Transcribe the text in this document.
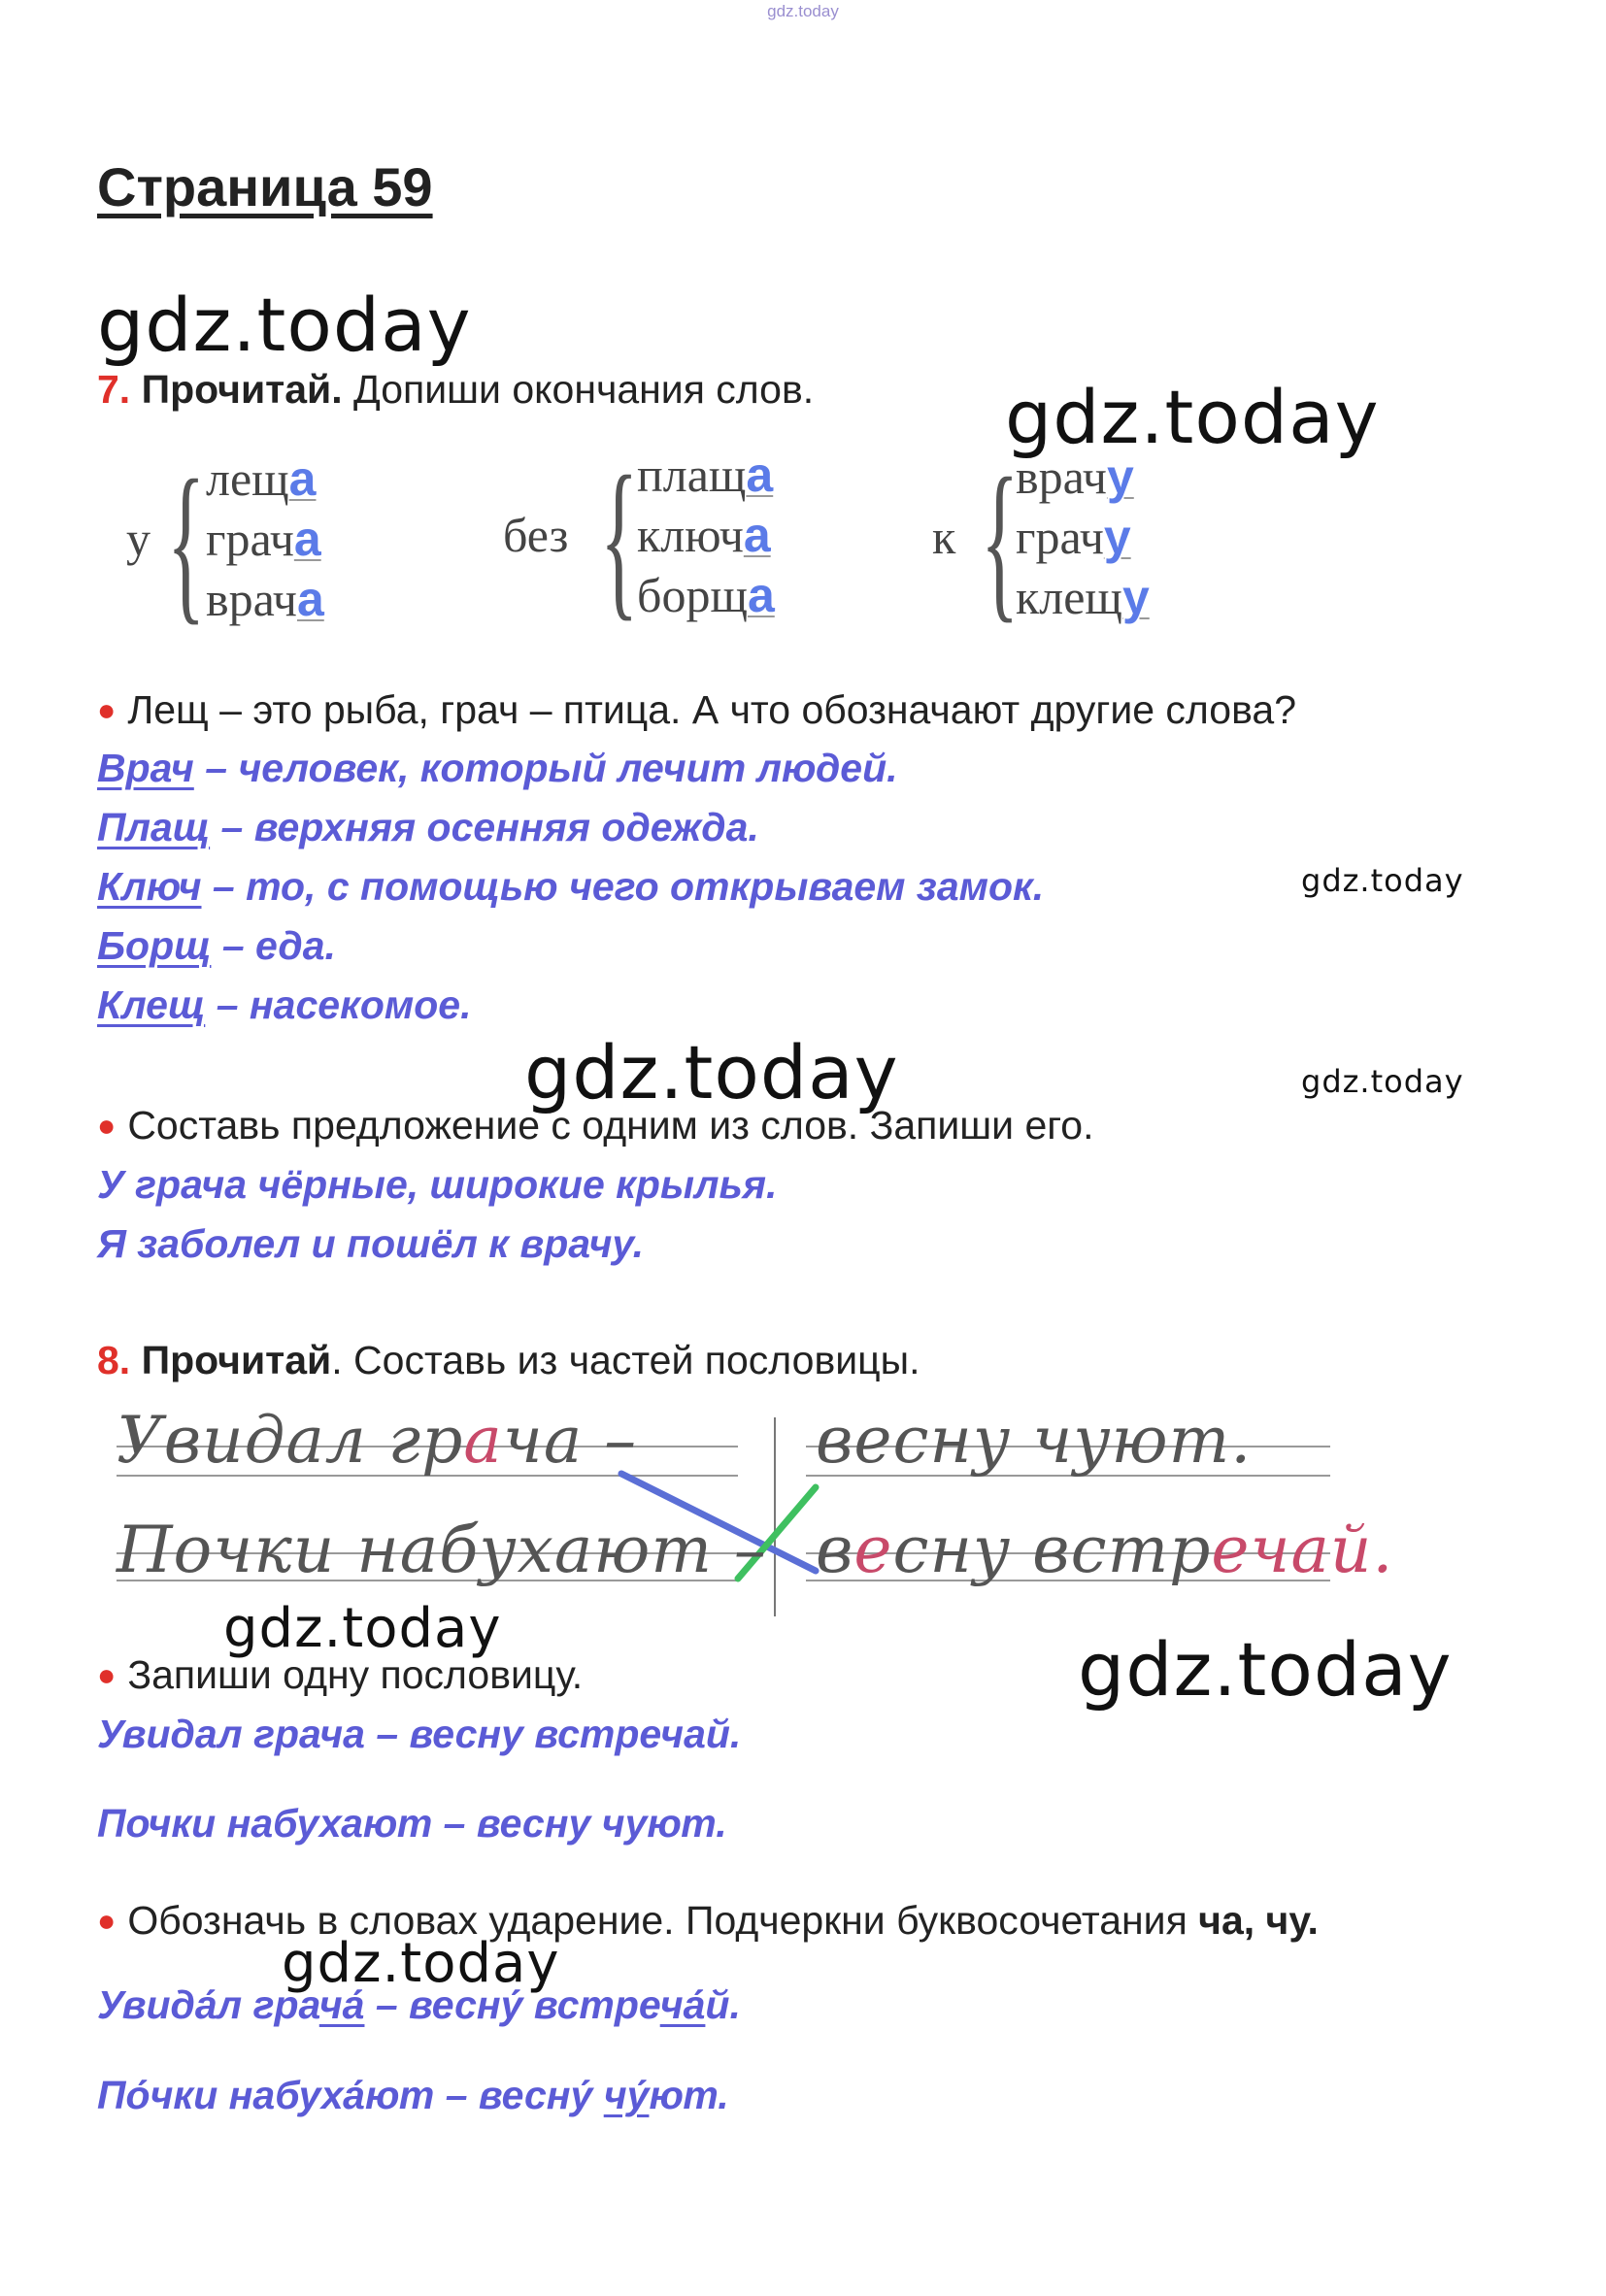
gdz.today
Страница 59
gdz.today
gdz.today
gdz.today
gdz.today	gdz.today
gdz.today	gdz.today
gdz.today
7. Прочитай. Допиши окончания слов.
у { леща
грача
врача
без {
плаща
ключа
борща
к {
врачу
грачу
клещу
● Лещ – это рыба, грач – птица. А что обозначают другие слова?
Врач – человек, который лечит людей.
Плащ – верхняя осенняя одежда.
Ключ – то, с помощью чего открываем замок.
Борщ – еда.
Клещ – насекомое.
● Составь предложение с одним из слов. Запиши его.
У грача чёрные, широкие крылья.
Я заболел и пошёл к врачу.
8. Прочитай. Составь из частей пословицы.
Увидал грача –
Почки набухают –
весну чуют.
весну встречай.
● Запиши одну пословицу.
Увидал грача – весну встречай.
Почки набухают – весну чуют.
● Обозначь в словах ударение. Подчеркни буквосочетания ча, чу.
Увида́л грача́ – весну́ встреча́й.
По́чки набуха́ют – весну́ чу́ют.
